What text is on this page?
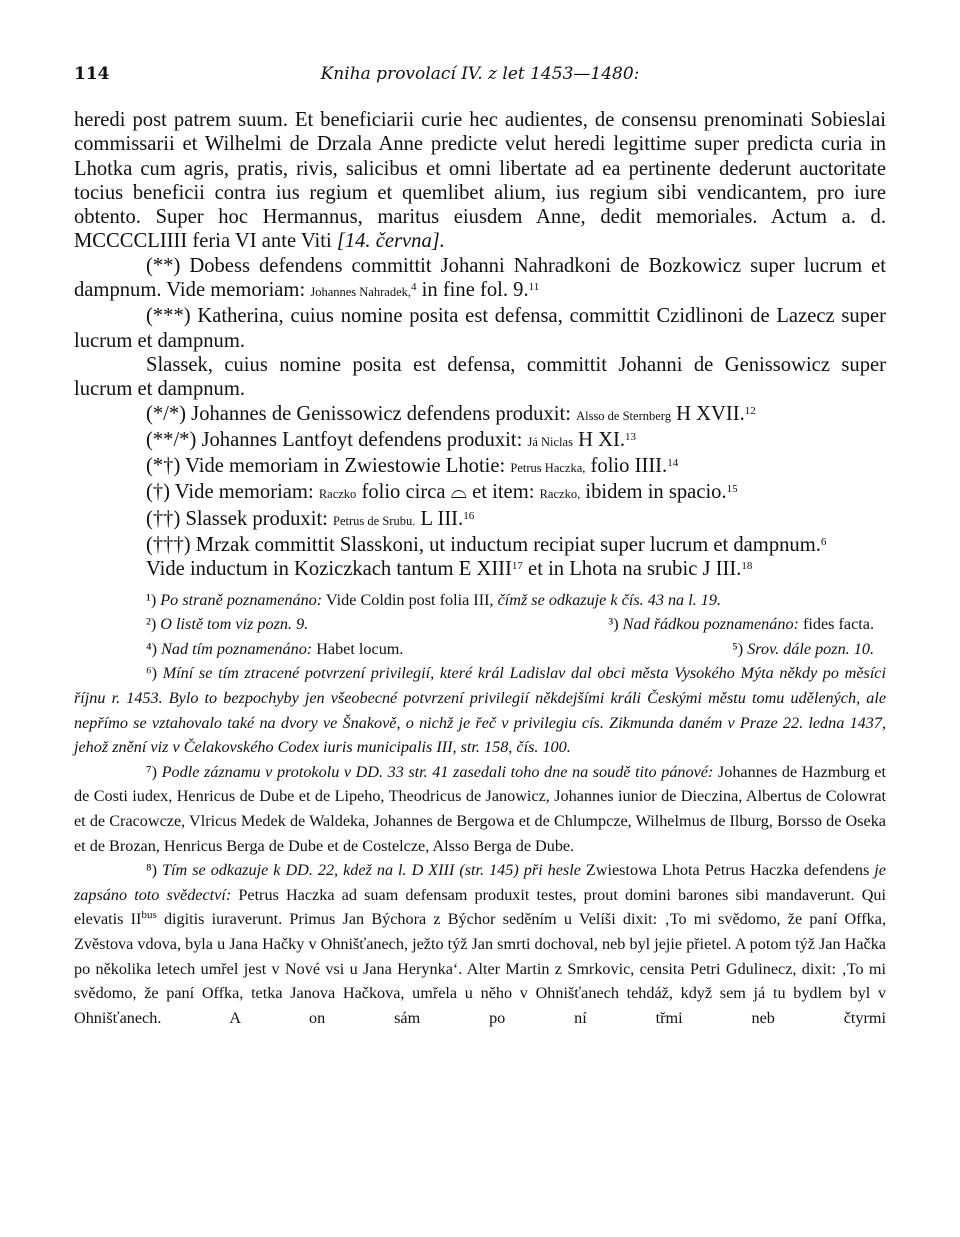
114	Kniha provolací IV. z let 1453—1480:

heredi post patrem suum. Et beneficiarii curie hec audientes, de consensu prenominati Sobieslai commissarii et Wilhelmi de Drzala Anne predicte velut heredi legittime super predicta curia in Lhotka cum agris, pratis, rivis, salicibus et omni libertate ad ea pertinente dederunt auctoritate tocius beneficii contra ius regium et quemlibet alium, ius regium sibi vendicantem, pro iure obtento. Super hoc Hermannus, maritus eiusdem Anne, dedit memoriales. Actum a. d. MCCCCLIIII feria VI ante Viti [14. června].

(**) Dobess defendens committit Johanni Nahradkoni de Bozkowicz super lucrum et dampnum. Vide memoriam: Johannes Nahradek,$^4$ in fine fol. 9.11

(***) Katherina, cuius nomine posita est defensa, committit Czidlinoni de Lazecz super lucrum et dampnum.

Slassek, cuius nomine posita est defensa, committit Johanni de Genissowicz super lucrum et dampnum.

(*/*) Johannes de Genissowicz defendens produxit: Alsso de Sternberg H XVII.$^{12}$

(**/*) Johannes Lantfoyt defendens produxit: Já Niclas H XI.$^{13}$

(*†) Vide memoriam in Zwiestowie Lhotie: Petrus Haczka, folio IIII.$^{14}$

(†) Vide memoriam: Raczko folio circa ⌓ et item: Raczko, ibidem in spacio.$^{15}$

(††) Slassek produxit: Petrus de Srubu. L III.$^{16}$

(†††) Mrzak committit Slasskoni, ut inductum recipiat super lucrum et dampnum.$^6$

Vide inductum in Koziczkach tantum E XIII$^{17}$ et in Lhota na srubic J III.$^{18}$

¹) Po straně poznamenáno: Vide Coldin post folia III, čímž se odkazuje k čís. 43 na l. 19.

²) O listě tom viz pozn. 9.	³) Nad řádkou poznamenáno: fides facta.
⁴) Nad tím poznamenáno: Habet locum.	⁵) Srov. dále pozn. 10.

⁶) Míní se tím ztracené potvrzení privilegií, které král Ladislav dal obci města Vysokého Mýta někdy po měsíci říjnu r. 1453. Bylo to bezpochyby jen všeobecné potvrzení privilegií někdejšími králi Českými městu tomu udělených, ale nepřímo se vztahovalo také na dvory ve Šnakově, o nichž je řeč v privilegiu cís. Zikmunda daném v Praze 22. ledna 1437, jehož znění viz v Čelakovského Codex iuris municipalis III, str. 158, čís. 100.

⁷) Podle záznamu v protokolu v DD. 33 str. 41 zasedali toho dne na soudě tito pánové: Johannes de Hazmburg et de Costi iudex, Henricus de Dube et de Lipeho, Theodricus de Janowicz, Johannes iunior de Dieczina, Albertus de Colowrat et de Cracowcze, Vlricus Medek de Waldeka, Johannes de Bergowa et de Chlumpcze, Wilhelmus de Ilburg, Borsso de Oseka et de Brozan, Henricus Berga de Dube et de Costelcze, Alsso Berga de Dube.

⁸) Tím se odkazuje k DD. 22, kdež na l. D XIII (str. 145) při hesle Zwiestowa Lhota Petrus Haczka defendens je zapsáno toto svědectví: Petrus Haczka ad suam defensam produxit testes, prout domini barones sibi mandaverunt. Qui elevatis $II^{bus}$ digitis iuraverunt. Primus Jan Býchora z Býchor seděním u Velíši dixit: ‚To mi svědomo, že paní Offka, Zvěstova vdova, byla u Jana Hačky v Ohnišťanech, ježto týž Jan smrti dochoval, neb byl jejie přietel. A potom týž Jan Hačka po několika letech umřel jest v Nové vsi u Jana Herynka‘. Alter Martin z Smrkovic, censita Petri Gdulinecz, dixit: ‚To mi svědomo, že paní Offka, tetka Janova Hačkova, umřela u něho v Ohnišťanech tehdáž, když sem já tu bydlem byl v Ohnišťanech. A on sám po ní třmi neb čtyrmi
